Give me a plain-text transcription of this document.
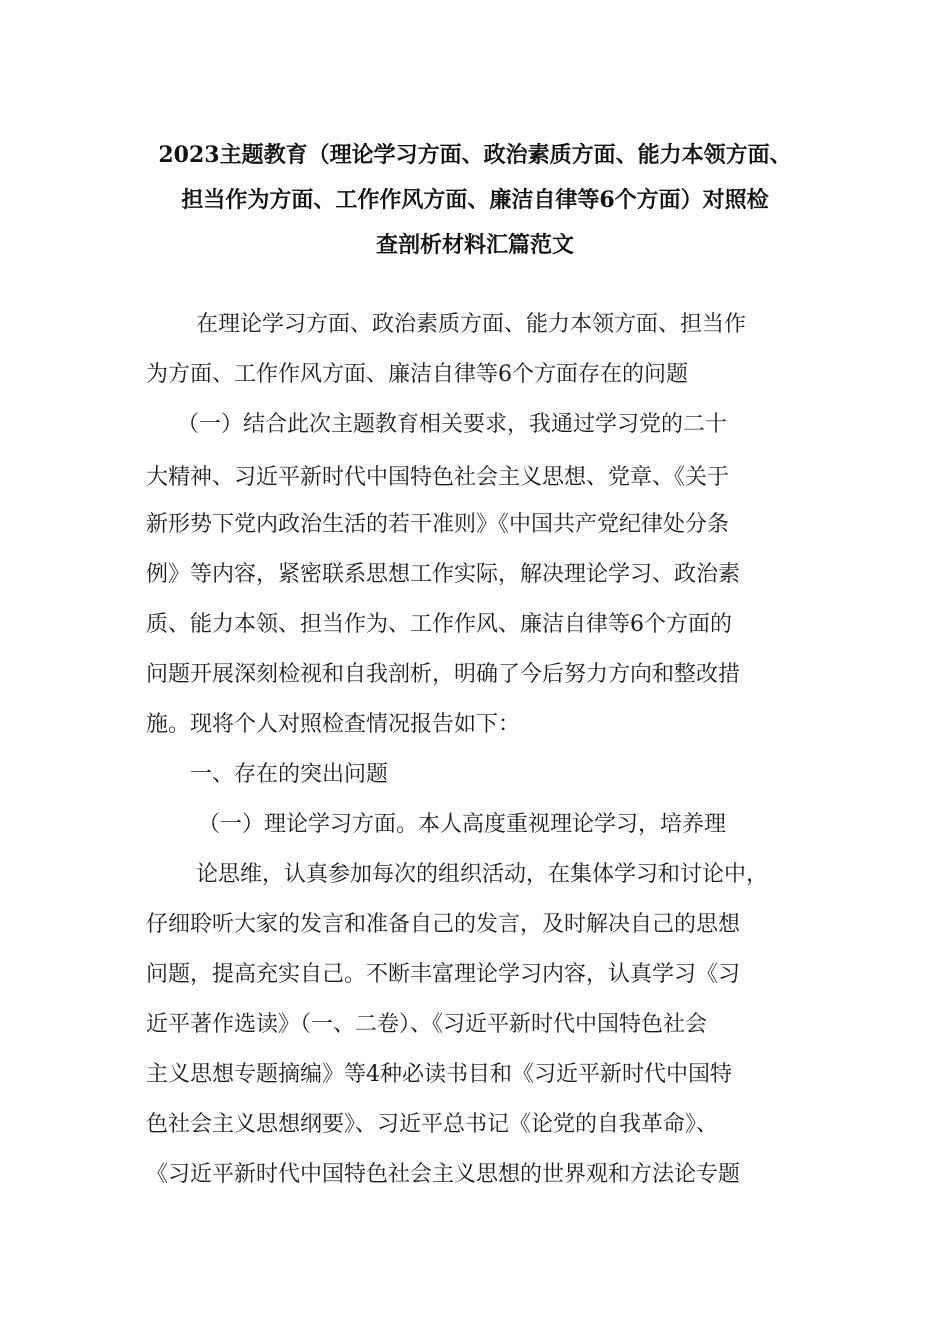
2023主题教育（理论学习方面、政治素质方面、能力本领方面、
担当作为方面、工作作风方面、廉洁自律等6个方面）对照检
查剖析材料汇篇范文
在理论学习方面、政治素质方面、能力本领方面、担当作
为方面、工作作风方面、廉洁自律等6个方面存在的问题
（一）结合此次主题教育相关要求，我通过学习党的二十
大精神、习近平新时代中国特色社会主义思想、党章、《关于
新形势下党内政治生活的若干准则》《中国共产党纪律处分条
例》等内容，紧密联系思想工作实际，解决理论学习、政治素
质、能力本领、担当作为、工作作风、廉洁自律等6个方面的
问题开展深刻检视和自我剖析，明确了今后努力方向和整改措
施。现将个人对照检查情况报告如下：
一、存在的突出问题
（一）理论学习方面。本人高度重视理论学习，培养理
论思维，认真参加每次的组织活动，在集体学习和讨论中，
仔细聆听大家的发言和准备自己的发言，及时解决自己的思想
问题，提高充实自己。不断丰富理论学习内容，认真学习《习
近平著作选读》（一、二卷）、《习近平新时代中国特色社会
主义思想专题摘编》等4种必读书目和《习近平新时代中国特
色社会主义思想纲要》、习近平总书记《论党的自我革命》、
《习近平新时代中国特色社会主义思想的世界观和方法论专题
